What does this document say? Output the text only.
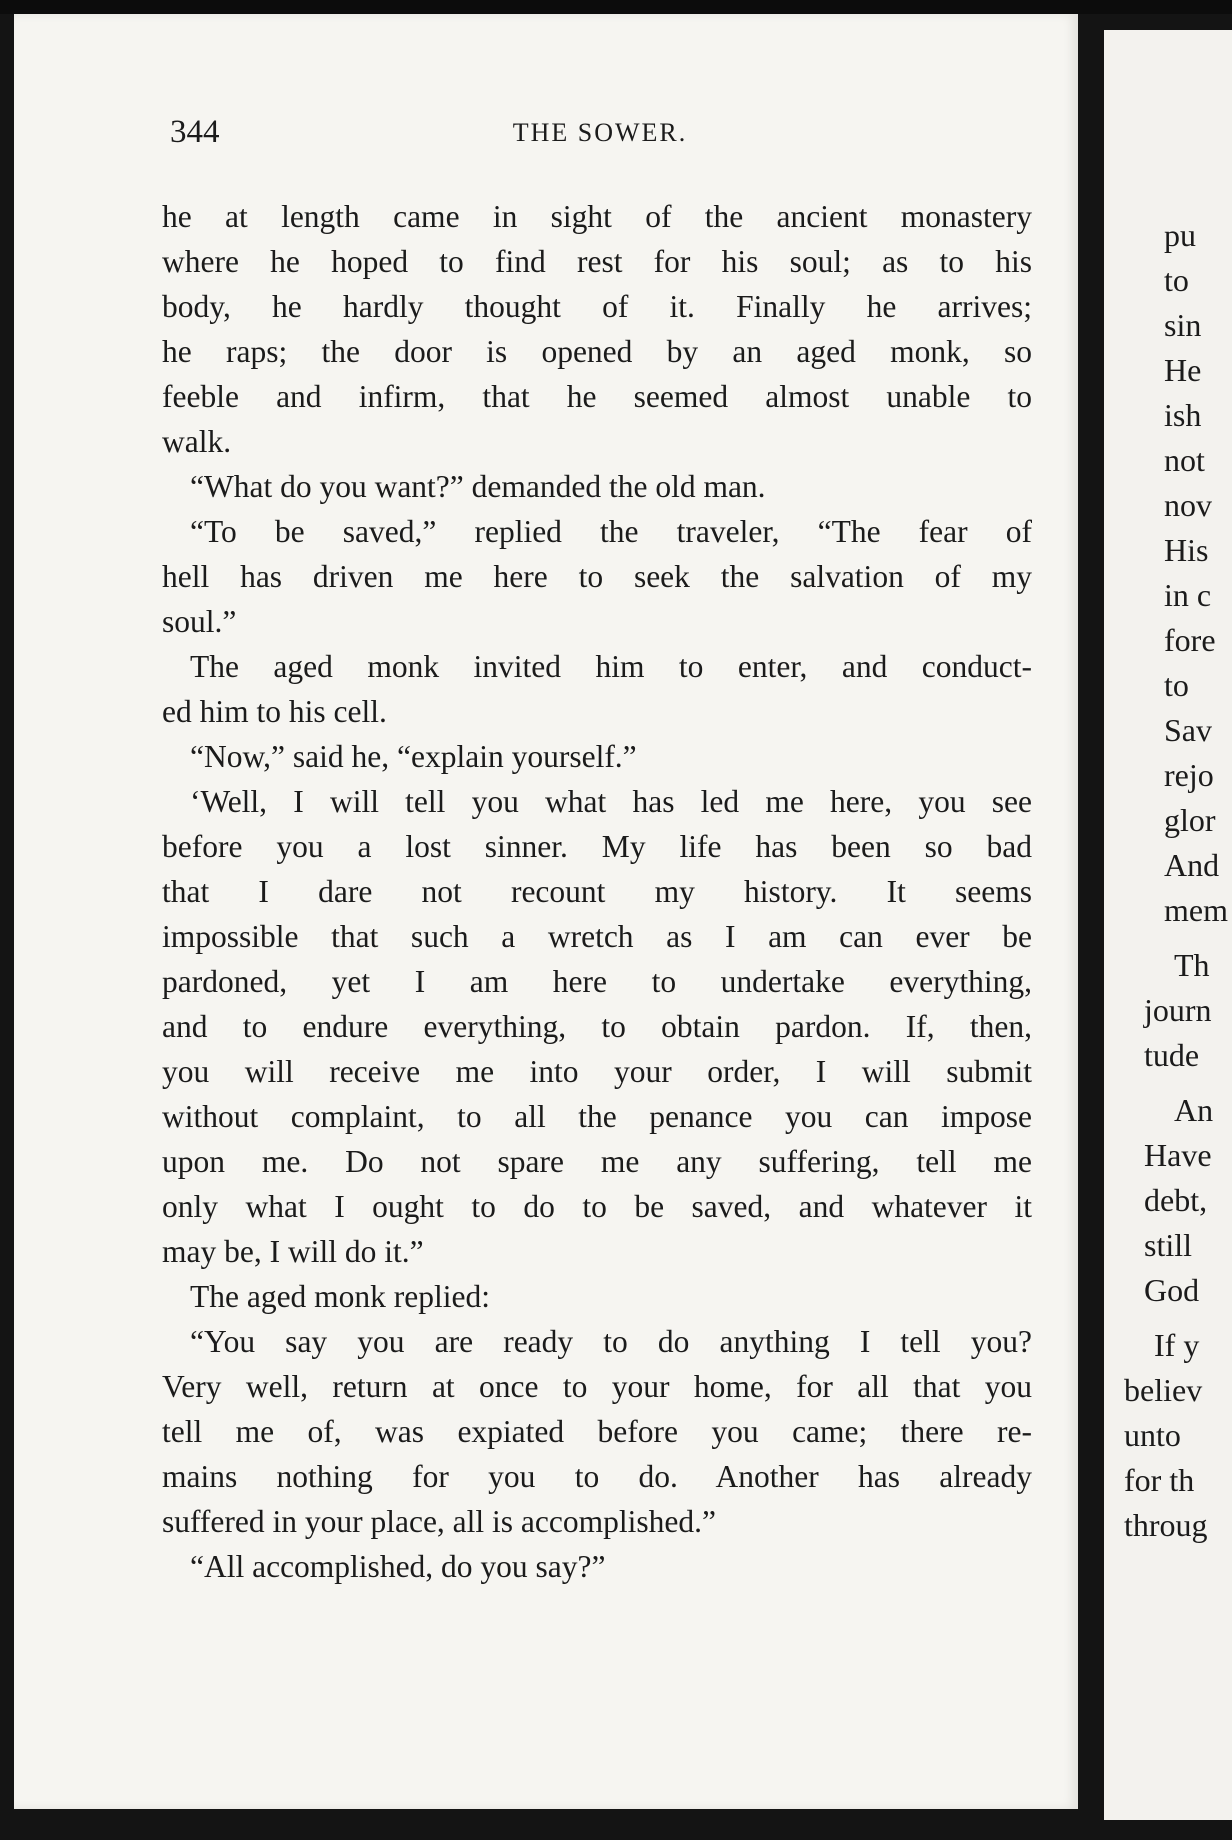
344	THE SOWER.
he at length came in sight of the ancient monastery
where he hoped to find rest for his soul; as to his
body, he hardly thought of it. Finally he arrives;
he raps; the door is opened by an aged monk, so
feeble and infirm, that he seemed almost unable to
walk.
“What do you want?” demanded the old man.
“To be saved,” replied the traveler, “The fear of
hell has driven me here to seek the salvation of my
soul.”
The aged monk invited him to enter, and conduct-
ed him to his cell.
“Now,” said he, “explain yourself.”
‘Well, I will tell you what has led me here, you see
before you a lost sinner. My life has been so bad
that I dare not recount my history. It seems
impossible that such a wretch as I am can ever be
pardoned, yet I am here to undertake everything,
and to endure everything, to obtain pardon. If, then,
you will receive me into your order, I will submit
without complaint, to all the penance you can impose
upon me. Do not spare me any suffering, tell me
only what I ought to do to be saved, and whatever it
may be, I will do it.”
The aged monk replied:
“You say you are ready to do anything I tell you?
Very well, return at once to your home, for all that you
tell me of, was expiated before you came; there re-
mains nothing for you to do. Another has already
suffered in your place, all is accomplished.”
“All accomplished, do you say?”
pu
to
sin
He
ish
not
nov
His
in c
fore
to
Sav
rejo
glor
And
mem
Th
journ
tude
An
Have
debt,
still
God
If y
believ
unto
for th
throug
